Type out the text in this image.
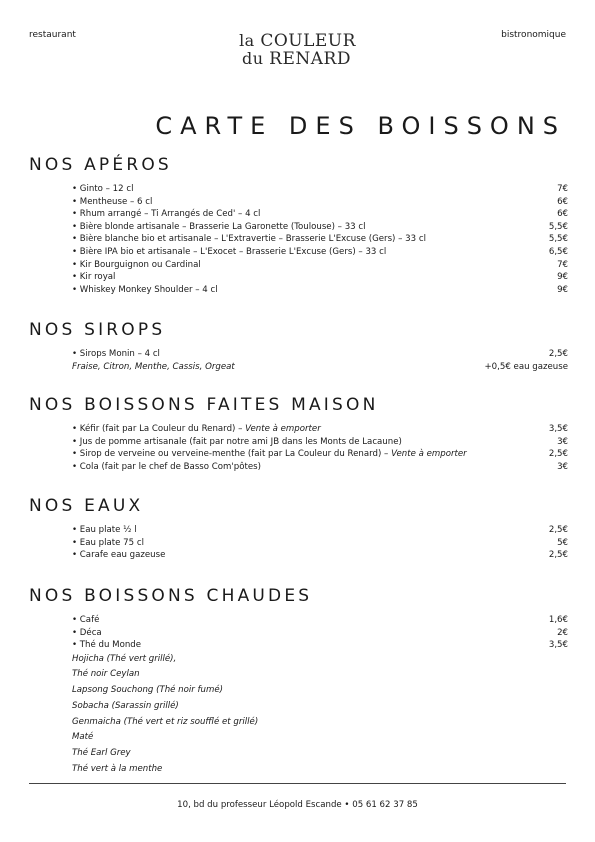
restaurant	bistronomique
la COULEUR
du RENARD
CARTE DES BOISSONS
NOS APÉROS
• Ginto – 12 cl	7€
• Mentheuse – 6 cl	6€
• Rhum arrangé – Ti Arrangés de Ced' – 4 cl	6€
• Bière blonde artisanale – Brasserie La Garonette (Toulouse) – 33 cl	5,5€
• Bière blanche bio et artisanale – L'Extravertie – Brasserie L'Excuse (Gers) – 33 cl	5,5€
• Bière IPA bio et artisanale – L'Exocet – Brasserie L'Excuse (Gers) – 33 cl	6,5€
• Kir Bourguignon ou Cardinal	7€
• Kir royal	9€
• Whiskey Monkey Shoulder – 4 cl	9€
NOS SIROPS
• Sirops Monin – 4 cl	2,5€
Fraise, Citron, Menthe, Cassis, Orgeat	+0,5€ eau gazeuse
NOS BOISSONS FAITES MAISON
• Kéfir (fait par La Couleur du Renard) – Vente à emporter	3,5€
• Jus de pomme artisanale (fait par notre ami JB dans les Monts de Lacaune)	3€
• Sirop de verveine ou verveine-menthe (fait par La Couleur du Renard) – Vente à emporter	2,5€
• Cola (fait par le chef de Basso Com'pôtes)	3€
NOS EAUX
• Eau plate ½ l	2,5€
• Eau plate 75 cl	5€
• Carafe eau gazeuse	2,5€
NOS BOISSONS CHAUDES
• Café	1,6€
• Déca	2€
• Thé du Monde	3,5€
Hojicha (Thé vert grillé),
Thé noir Ceylan
Lapsong Souchong (Thé noir fumé)
Sobacha (Sarassin grillé)
Genmaicha (Thé vert et riz soufflé et grillé)
Maté
Thé Earl Grey
Thé vert à la menthe
10, bd du professeur Léopold Escande • 05 61 62 37 85
